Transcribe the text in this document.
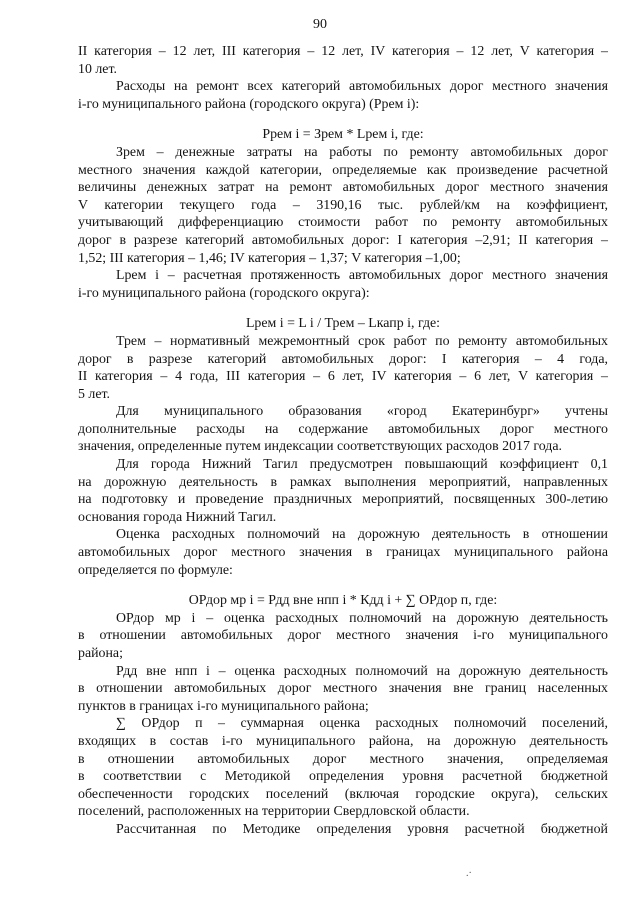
90
II категория – 12 лет, III категория – 12 лет, IV категория – 12 лет, V категория –
10 лет.
Расходы на ремонт всех категорий автомобильных дорог местного значения
i-го муниципального района (городского округа) (Pрем i):
Рpем i = Зрем * Lрем i, где:
Зрем – денежные затраты на работы по ремонту автомобильных дорог
местного значения каждой категории, определяемые как произведение расчетной
величины денежных затрат на ремонт автомобильных дорог местного значения
V категории текущего года – 3190,16 тыс. рублей/км на коэффициент,
учитывающий дифференциацию стоимости работ по ремонту автомобильных
дорог в разрезе категорий автомобильных дорог: I категория –2,91; II категория –
1,52; III категория – 1,46; IV категория – 1,37; V категория –1,00;
Lрем i – расчетная протяженность автомобильных дорог местного значения
i-го муниципального района (городского округа):
Lрем i = L i / Трем – Lкапр i, где:
Трем – нормативный межремонтный срок работ по ремонту автомобильных
дорог в разрезе категорий автомобильных дорог: I категория – 4 года,
II категория – 4 года, III категория – 6 лет, IV категория – 6 лет, V категория –
5 лет.
Для муниципального образования «город Екатеринбург» учтены
дополнительные расходы на содержание автомобильных дорог местного
значения, определенные путем индексации соответствующих расходов 2017 года.
Для города Нижний Тагил предусмотрен повышающий коэффициент 0,1
на дорожную деятельность в рамках выполнения мероприятий, направленных
на подготовку и проведение праздничных мероприятий, посвященных 300-летию
основания города Нижний Тагил.
Оценка расходных полномочий на дорожную деятельность в отношении
автомобильных дорог местного значения в границах муниципального района
определяется по формуле:
ОРдор мр i = Рдд вне нпп i * Кдд i + ∑ ОРдор п, где:
ОРдор мр i – оценка расходных полномочий на дорожную деятельность
в отношении автомобильных дорог местного значения i-го муниципального
района;
Рдд вне нпп i – оценка расходных полномочий на дорожную деятельность
в отношении автомобильных дорог местного значения вне границ населенных
пунктов в границах i-го муниципального района;
∑ ОРдор п – суммарная оценка расходных полномочий поселений,
входящих в состав i-го муниципального района, на дорожную деятельность
в отношении автомобильных дорог местного значения, определяемая
в соответствии с Методикой определения уровня расчетной бюджетной
обеспеченности городских поселений (включая городские округа), сельских
поселений, расположенных на территории Свердловской области.
Рассчитанная по Методике определения уровня расчетной бюджетной
.·
